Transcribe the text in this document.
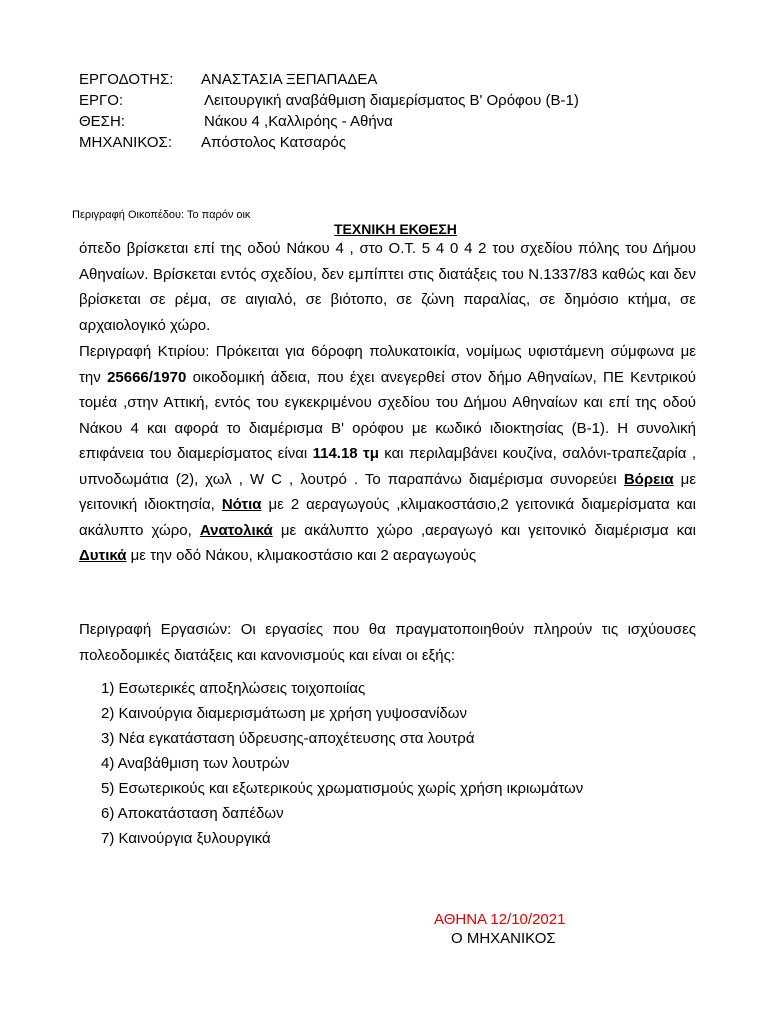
ΕΡΓΟΔΟΤΗΣ: ΑΝΑΣΤΑΣΙΑ ΞΕΠΑΠΑΔΕΑ
ΕΡΓΟ:	Λειτουργική αναβάθμιση διαμερίσματος Β' Ορόφου (Β-1)
ΘΕΣΗ:	Νάκου 4 ,Καλλιρόης - Αθήνα
ΜΗΧΑΝΙΚΟΣ: Απόστολος Κατσαρός
Περιγραφή Οικοπέδου: Το παρόν οικ
ΤΕΧΝΙΚΗ ΕΚΘΕΣΗ
όπεδο βρίσκεται επί της οδού Νάκου 4 , στο Ο.Τ. 5 4 0 4 2 του σχεδίου πόλης του Δήμου Αθηναίων. Βρίσκεται εντός σχεδίου, δεν εμπίπτει στις διατάξεις του Ν.1337/83 καθώς και δεν βρίσκεται σε ρέμα, σε αιγιαλό, σε βιότοπο, σε ζώνη παραλίας, σε δημόσιο κτήμα, σε αρχαιολογικό χώρο.
Περιγραφή Κτιρίου: Πρόκειται για 6όροφη πολυκατοικία, νομίμως υφιστάμενη σύμφωνα με την 25666/1970 οικοδομική άδεια, που έχει ανεγερθεί στον δήμο Αθηναίων, ΠΕ Κεντρικού τομέα ,στην Αττική, εντός του εγκεκριμένου σχεδίου του Δήμου Αθηναίων και επί της οδού Νάκου 4 και αφορά το διαμέρισμα Β' ορόφου με κωδικό ιδιοκτησίας (Β-1). Η συνολική επιφάνεια του διαμερίσματος είναι 114.18 τμ και περιλαμβάνει κουζίνα, σαλόνι-τραπεζαρία , υπνοδωμάτια (2), χωλ , W C , λουτρό . Το παραπάνω διαμέρισμα συνορεύει Βόρεια με γειτονική ιδιοκτησία, Νότια με 2 αεραγωγούς ,κλιμακοστάσιο,2 γειτονικά διαμερίσματα και ακάλυπτο χώρο, Ανατολικά με ακάλυπτο χώρο ,αεραγωγό και γειτονικό διαμέρισμα και Δυτικά με την οδό Νάκου, κλιμακοστάσιο και 2 αεραγωγούς
Περιγραφή Εργασιών: Οι εργασίες που θα πραγματοποιηθούν πληρούν τις ισχύουσες πολεοδομικές διατάξεις και κανονισμούς και είναι οι εξής:
1) Εσωτερικές αποξηλώσεις τοιχοποιίας
2) Καινούργια διαμερισμάτωση με χρήση γυψοσανίδων
3) Νέα εγκατάσταση ύδρευσης-αποχέτευσης στα λουτρά
4) Αναβάθμιση των λουτρών
5) Εσωτερικούς και εξωτερικούς χρωματισμούς χωρίς χρήση ικριωμάτων
6) Αποκατάσταση δαπέδων
7) Καινούργια ξυλουργικά
ΑΘΗΝΑ 12/10/2021
Ο ΜΗΧΑΝΙΚΟΣ
